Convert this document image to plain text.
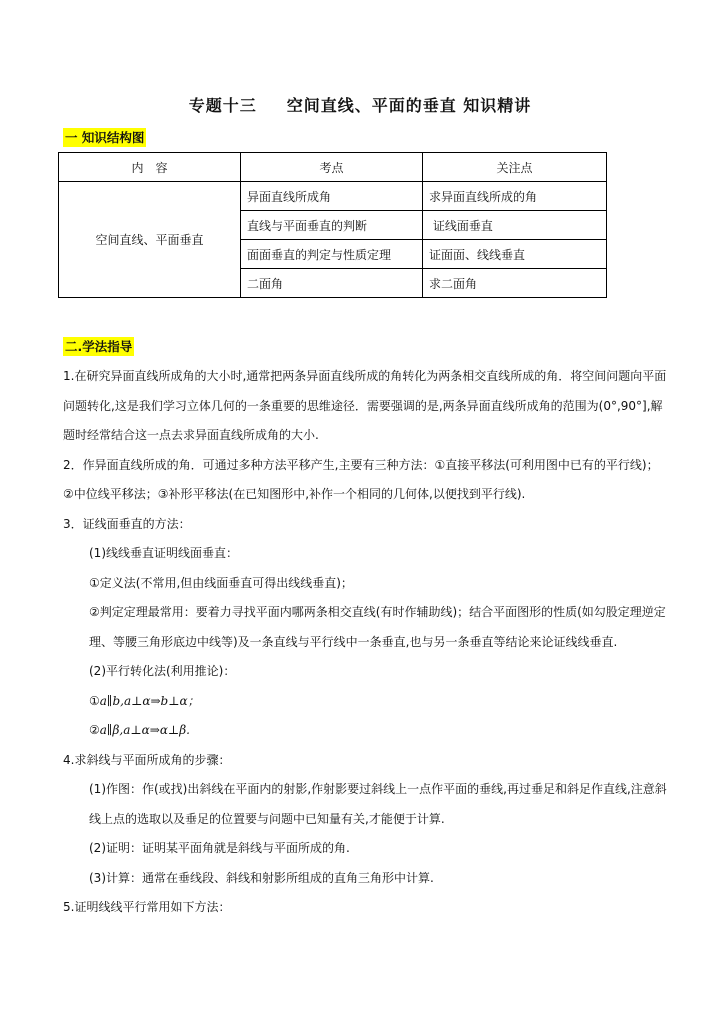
专题十三 空间直线、平面的垂直 知识精讲
一 知识结构图
内　容	考点	关注点
空间直线、平面垂直	异面直线所成角	求异面直线所成的角
	直线与平面垂直的判断	证线面垂直
	面面垂直的判定与性质定理	证面面、线线垂直
	二面角	求二面角
二.学法指导

1.在研究异面直线所成角的大小时,通常把两条异面直线所成的角转化为两条相交直线所成的角．将空间问题向平面问题转化,这是我们学习立体几何的一条重要的思维途径．需要强调的是,两条异面直线所成角的范围为(0°,90°],解题时经常结合这一点去求异面直线所成角的大小.

2．作异面直线所成的角．可通过多种方法平移产生,主要有三种方法：①直接平移法(可利用图中已有的平行线)；②中位线平移法；③补形平移法(在已知图形中,补作一个相同的几何体,以便找到平行线).

3．证线面垂直的方法：

(1)线线垂直证明线面垂直：

①定义法(不常用,但由线面垂直可得出线线垂直)；

②判定定理最常用：要着力寻找平面内哪两条相交直线(有时作辅助线)；结合平面图形的性质(如勾股定理逆定理、等腰三角形底边中线等)及一条直线与平行线中一条垂直,也与另一条垂直等结论来论证线线垂直.

(2)平行转化法(利用推论)：

①a∥b,a⊥α⇒b⊥α；

②a∥β,a⊥α⇒α⊥β.

4.求斜线与平面所成角的步骤：

(1)作图：作(或找)出斜线在平面内的射影,作射影要过斜线上一点作平面的垂线,再过垂足和斜足作直线,注意斜线上点的选取以及垂足的位置要与问题中已知量有关,才能便于计算.

(2)证明：证明某平面角就是斜线与平面所成的角.

(3)计算：通常在垂线段、斜线和射影所组成的直角三角形中计算.

5.证明线线平行常用如下方法：
